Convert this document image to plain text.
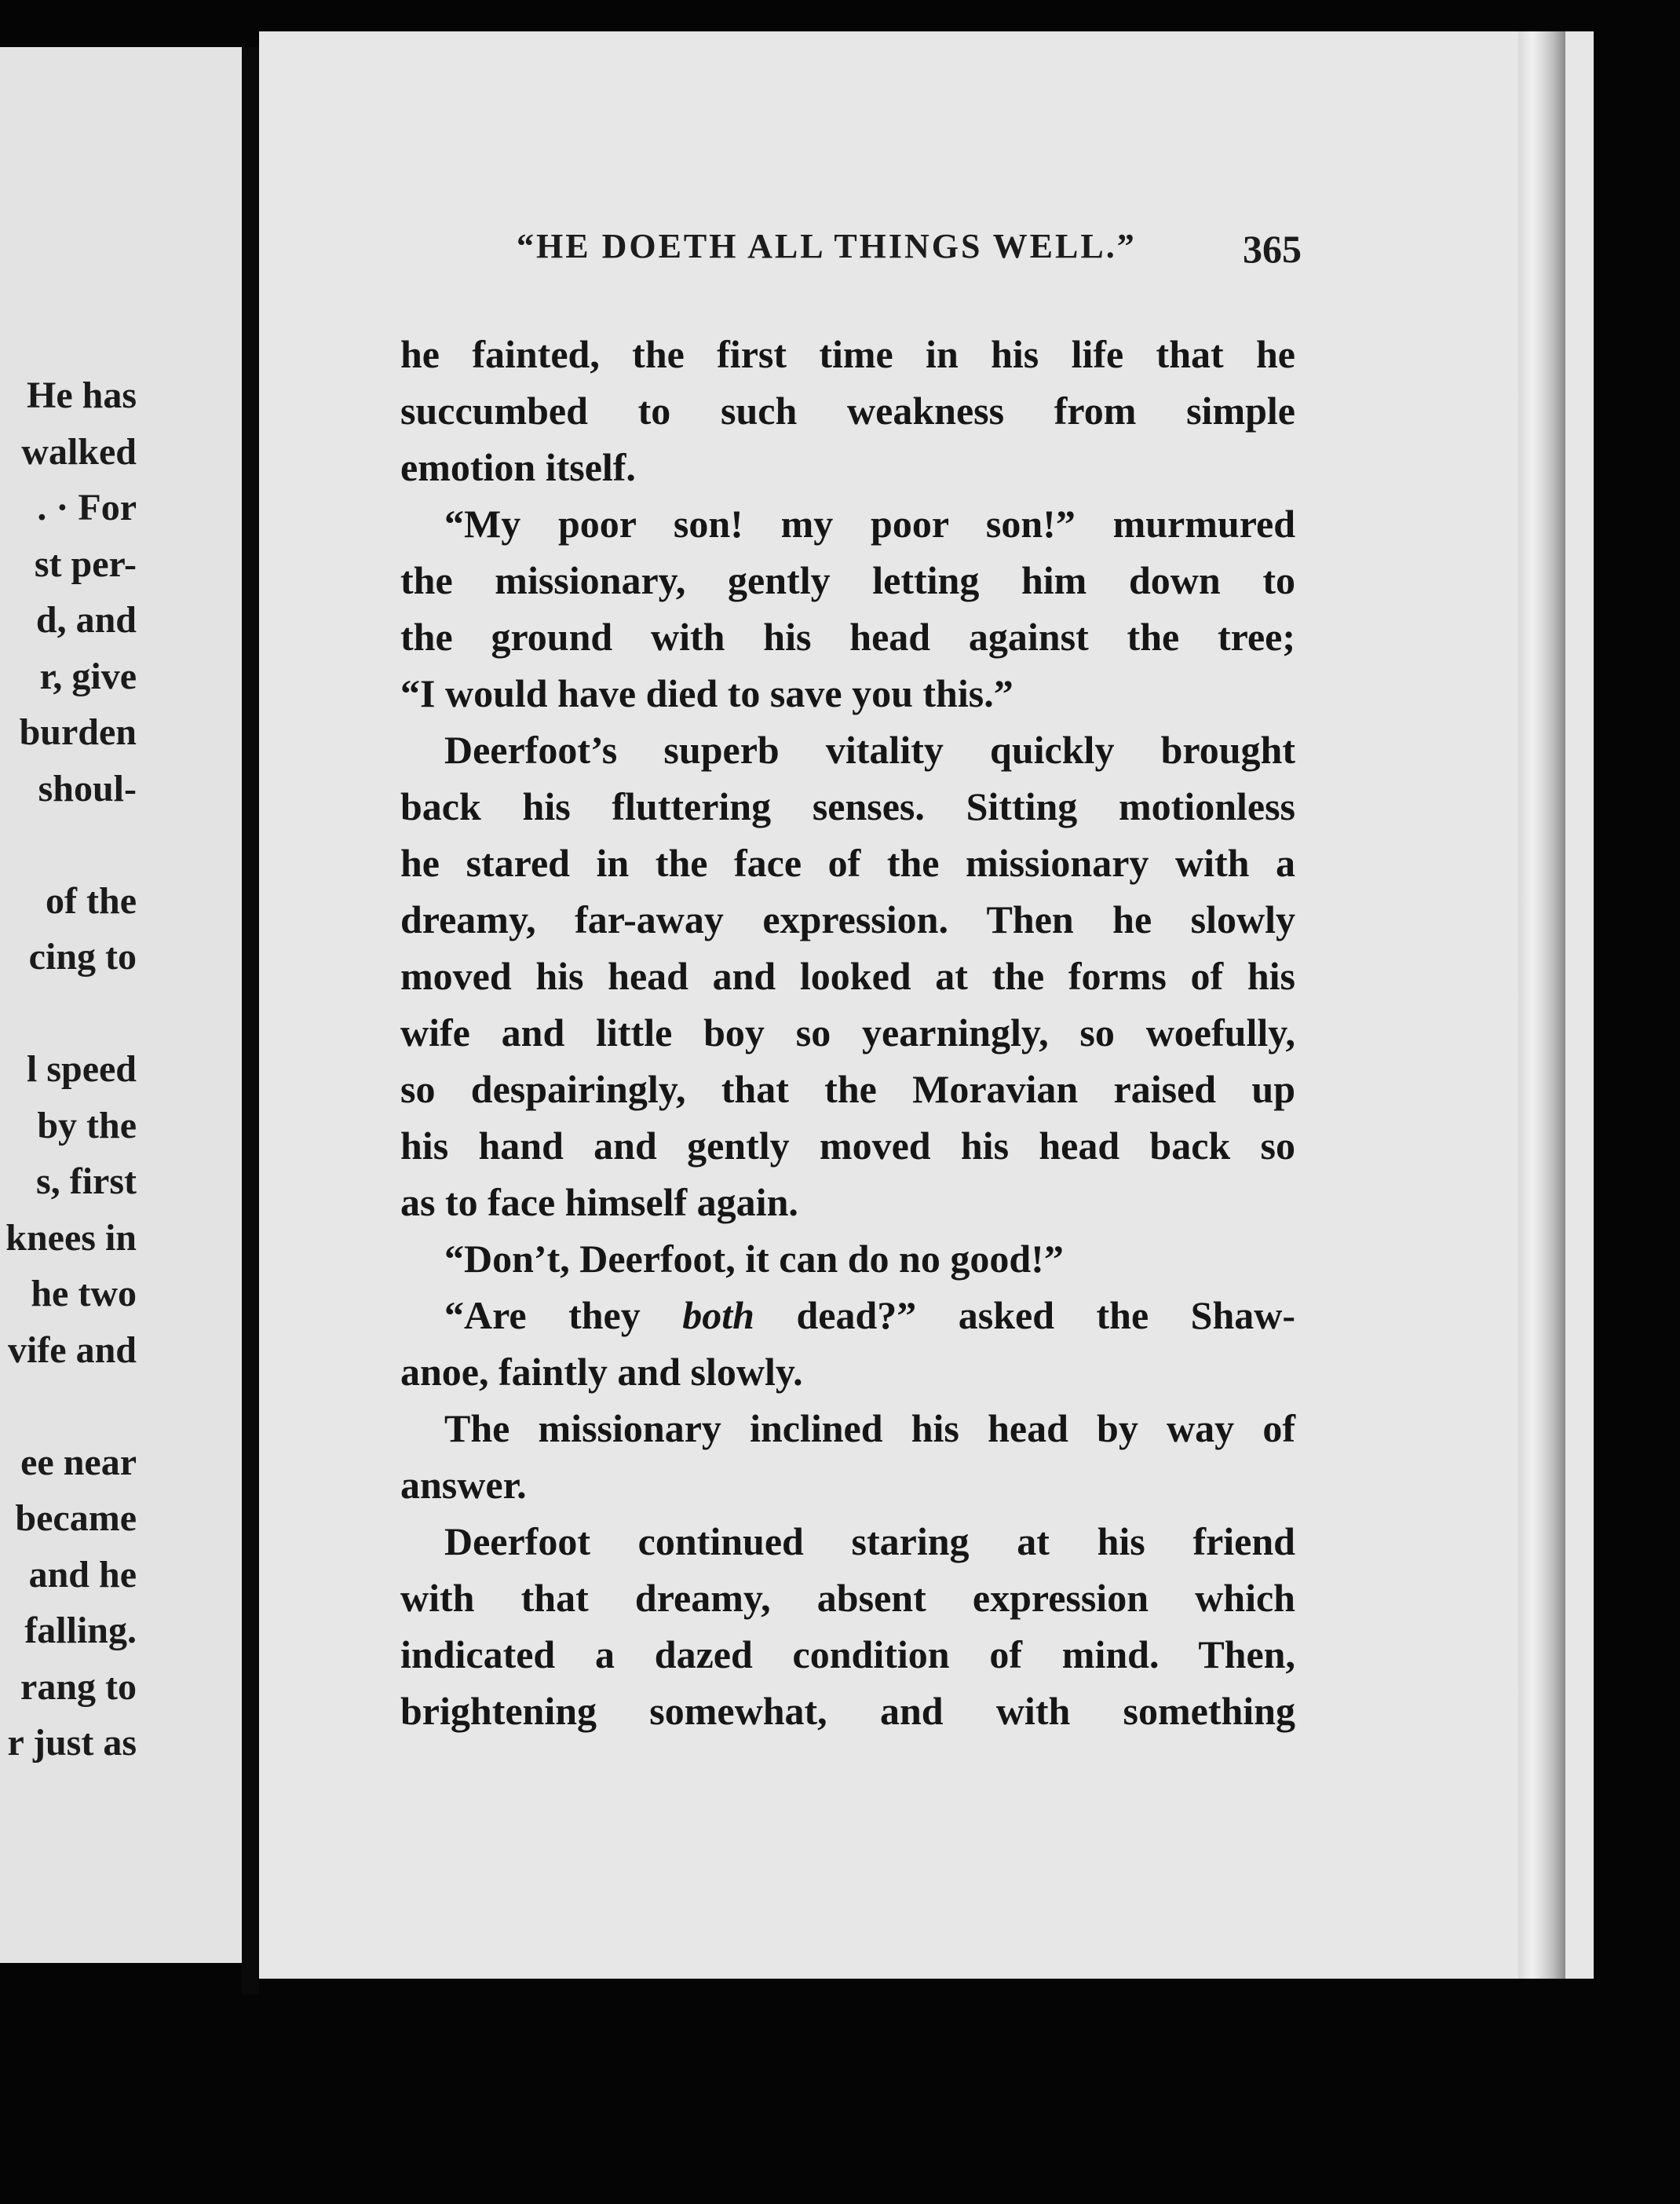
He has
walked
. · For
st per-
d, and
r, give
burden
shoul-
of the
cing to
l speed
by the
s, first
knees in
he two
vife and
ee near
became
and he
falling.
rang to
r just as
“HE DOETH ALL THINGS WELL.”	365
he fainted, the first time in his life that he
succumbed to such weakness from simple
emotion itself.
“My poor son! my poor son!” murmured
the missionary, gently letting him down to
the ground with his head against the tree;
“I would have died to save you this.”
Deerfoot’s superb vitality quickly brought
back his fluttering senses. Sitting motionless
he stared in the face of the missionary with a
dreamy, far-away expression. Then he slowly
moved his head and looked at the forms of his
wife and little boy so yearningly, so woefully,
so despairingly, that the Moravian raised up
his hand and gently moved his head back so
as to face himself again.
“Don’t, Deerfoot, it can do no good!”
“Are they both dead?” asked the Shaw-
anoe, faintly and slowly.
The missionary inclined his head by way of
answer.
Deerfoot continued staring at his friend
with that dreamy, absent expression which
indicated a dazed condition of mind. Then,
brightening somewhat, and with something
